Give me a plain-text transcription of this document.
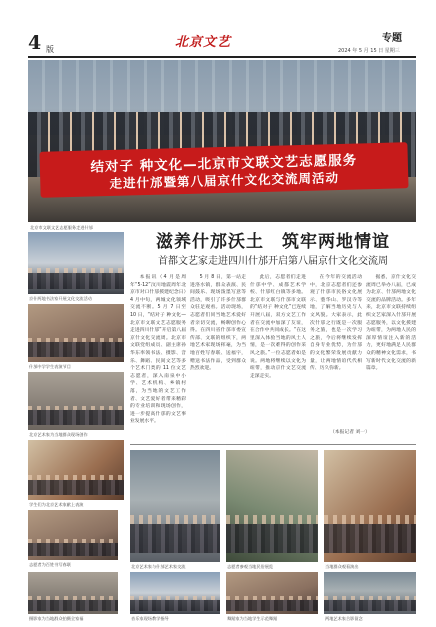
4 版	北京文艺	专题
2024 年 5 月 15 日 星期三
结对子 种文化—北京市文联文艺志愿服务
走进什邡暨第八届京什文化交流周活动
北京市文联文艺志愿服务走进什邡
京什两地书法家开展文化交流活动
什邡中学学生表演节目
北京艺术家为当地群众现场创作
学生们为北京艺术家献上表演
滋养什邡沃土　筑牢两地情谊
首都文艺家走进四川什邡开启第八届京什文化交流周
本报讯（4 月是周年“5·12”汶川地震周年北京市对口什邡援建纪念日）4 月中旬，两城文化领域交流不断。5 月 7 日至 10 日，“结对子 种文化—北京市文联文艺志愿服务走进四川什邡”开启第八届京什文化交流周。北京市文联党组成员、副主席孙华东率领书法、摄影、音乐、舞蹈、民间文艺等多个艺术门类的 11 位文艺志愿者，深入南泉中小学、艺术机构、乡镇村落，为当地的文艺工作者、文艺爱好者带来精彩的专业培训和现场创作，进一步提高什邡的文艺事业发展水平。
5 月 8 日，第一站走进洛水镇，群众表演、民间鼓乐、现场泼墨写意等活动，吸引了许多什邡群众驻足观看。活动现场，志愿者们同当地艺术爱好者亲切交流，畅聊创作心得。在四川省什邡市委宣传部、文联的组织下，两地艺术家现场挥毫，为当地百姓写春联、送福字，赠送书法作品，受到群众热烈欢迎。
此后，志愿者们走进什邡中学、成都艺术学校、什邡红白镇等多地。北京市文联与什邡市文联的“结对子 种文化”已连续开展八届，双方文艺工作者在交流中加深了友谊，在合作中共同成长。“在这里深入体验当地的风土人情，是一次难得的创作采风之旅。”一位志愿者如是说。两地将继续以文化为纽带，推动京什文艺交流走深走实。
在今年的交流活动中，北京志愿者们还参观了什邡市民俗文化展示、蓥华山、罗汉寺等地，了解当地历史与人文风貌。大家表示，此次什邡之行既是一次服务之旅，也是一次学习之旅，今后将继续发挥自身专业优势，为什邡的文化繁荣发展贡献力量，让两地情谊代代相传、历久弥新。
据悉，京什文化交流周已举办八届，已成为北京、什邡两地文化交流的品牌活动。多年来，北京市文联持续组织文艺家深入什邡开展志愿服务，以文化援建为纽带，为两地人民的深厚情谊注入新的活力，更好地满足人民群众的精神文化需求，书写新时代文化交流的新篇章。
（本报记者 刘一）
志愿者为百姓书写春联	北京艺术家与什邡艺术家交流	志愿者参观当地民俗展览	当地群众观看演出
摄影家为当地群众拍摄全家福	音乐家现场教学指导	舞蹈家为当地学生示范舞蹈	两地艺术家合影留念
